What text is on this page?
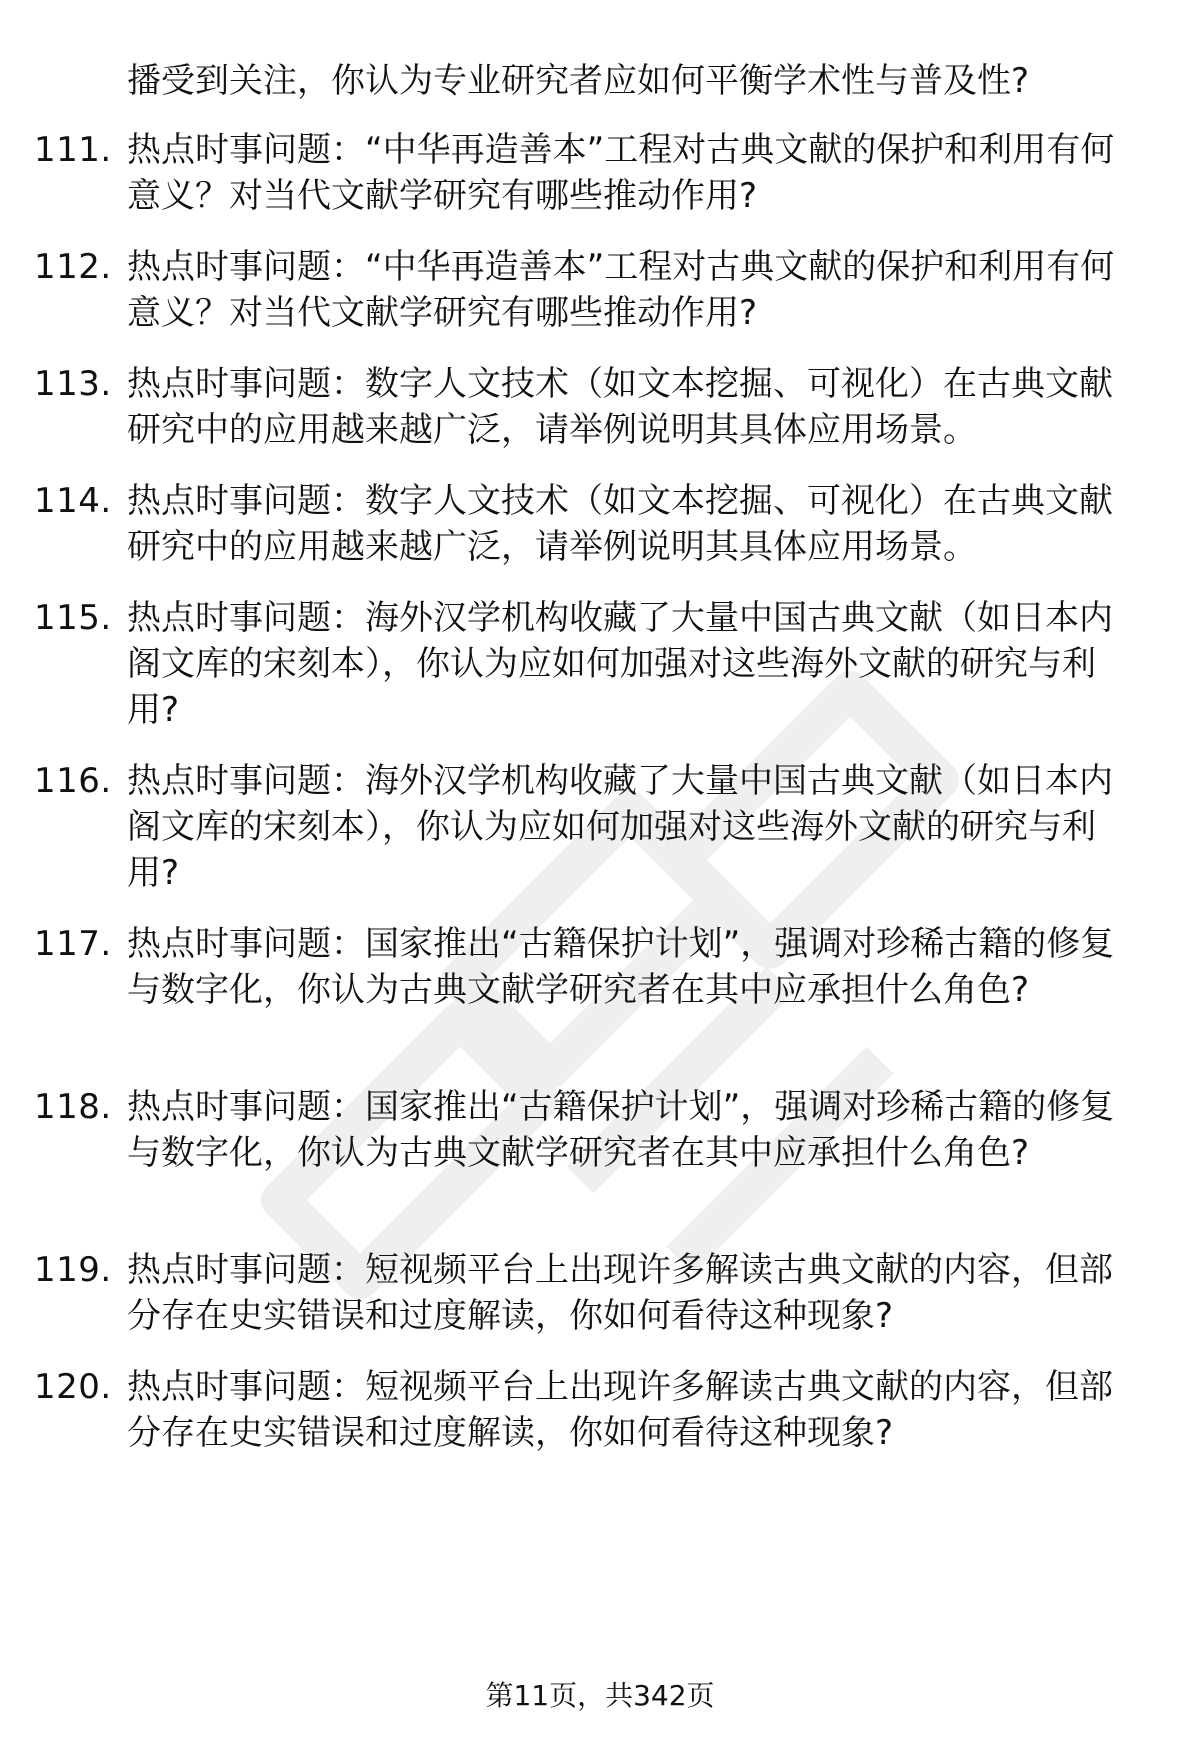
播受到关注，你认为专业研究者应如何平衡学术性与普及性?
111. 热点时事问题：“中华再造善本”工程对古典文献的保护和利用有何意义？对当代文献学研究有哪些推动作用?
112. 热点时事问题：“中华再造善本”工程对古典文献的保护和利用有何意义？对当代文献学研究有哪些推动作用?
113. 热点时事问题：数字人文技术（如文本挖掘、可视化）在古典文献研究中的应用越来越广泛，请举例说明其具体应用场景。
114. 热点时事问题：数字人文技术（如文本挖掘、可视化）在古典文献研究中的应用越来越广泛，请举例说明其具体应用场景。
115. 热点时事问题：海外汉学机构收藏了大量中国古典文献（如日本内阁文库的宋刻本），你认为应如何加强对这些海外文献的研究与利用?
116. 热点时事问题：海外汉学机构收藏了大量中国古典文献（如日本内阁文库的宋刻本），你认为应如何加强对这些海外文献的研究与利用?
117. 热点时事问题：国家推出“古籍保护计划”，强调对珍稀古籍的修复与数字化，你认为古典文献学研究者在其中应承担什么角色?
118. 热点时事问题：国家推出“古籍保护计划”，强调对珍稀古籍的修复与数字化，你认为古典文献学研究者在其中应承担什么角色?
119. 热点时事问题：短视频平台上出现许多解读古典文献的内容，但部分存在史实错误和过度解读，你如何看待这种现象?
120. 热点时事问题：短视频平台上出现许多解读古典文献的内容，但部分存在史实错误和过度解读，你如何看待这种现象?
第11页，共342页
